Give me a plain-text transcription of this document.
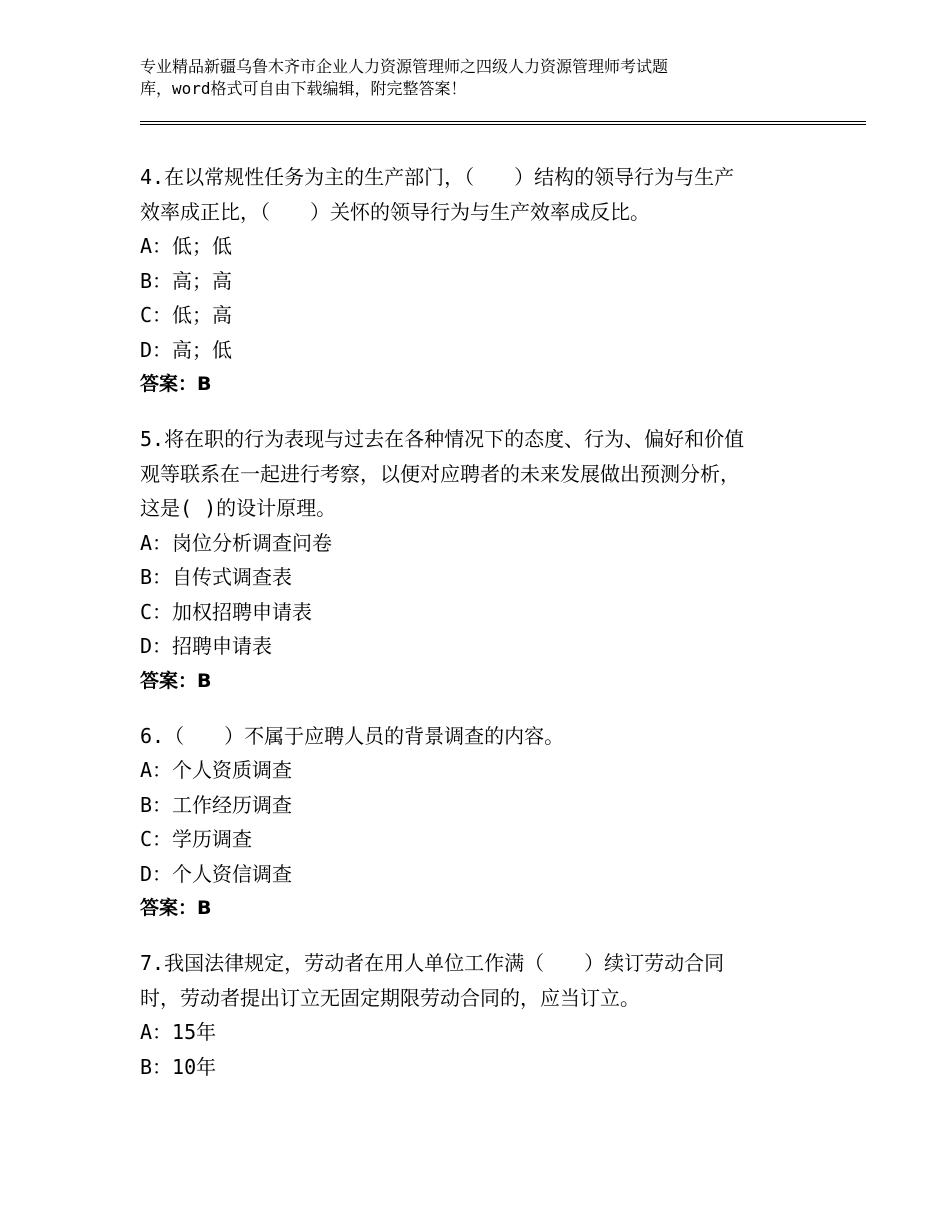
专业精品新疆乌鲁木齐市企业人力资源管理师之四级人力资源管理师考试题
库，word格式可自由下载编辑，附完整答案！
4.在以常规性任务为主的生产部门，（　　）结构的领导行为与生产
效率成正比，（　　）关怀的领导行为与生产效率成反比。
A：低；低
B：高；高
C：低；高
D：高；低
答案：B
5.将在职的行为表现与过去在各种情况下的态度、行为、偏好和价值
观等联系在一起进行考察，以便对应聘者的未来发展做出预测分析，
这是( )的设计原理。
A：岗位分析调查问卷
B：自传式调查表
C：加权招聘申请表
D：招聘申请表
答案：B
6.（　　）不属于应聘人员的背景调查的内容。
A：个人资质调查
B：工作经历调查
C：学历调查
D：个人资信调查
答案：B
7.我国法律规定，劳动者在用人单位工作满（　　）续订劳动合同
时，劳动者提出订立无固定期限劳动合同的，应当订立。
A：15年
B：10年
